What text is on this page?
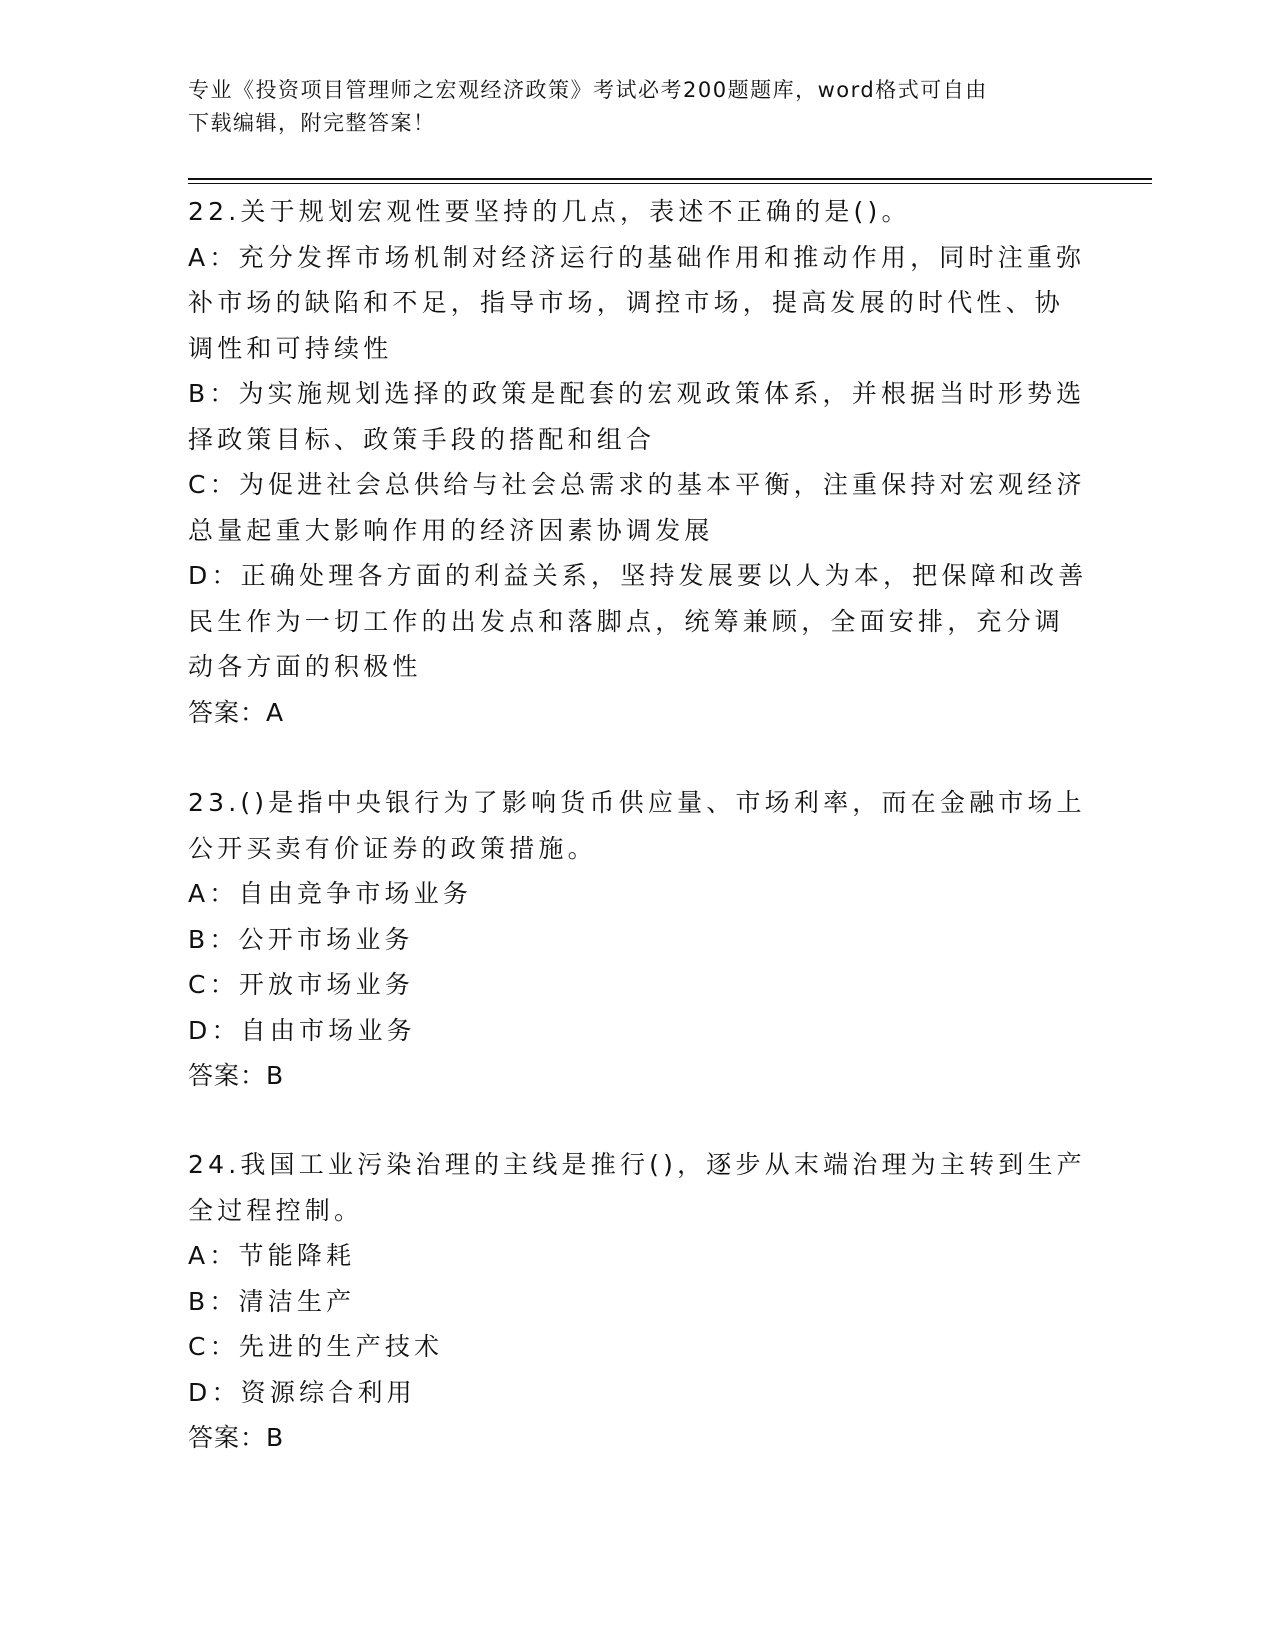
专业《投资项目管理师之宏观经济政策》考试必考200题题库，word格式可自由
下载编辑，附完整答案！
22.关于规划宏观性要坚持的几点，表述不正确的是()。
A：充分发挥市场机制对经济运行的基础作用和推动作用，同时注重弥
补市场的缺陷和不足，指导市场，调控市场，提高发展的时代性、协
调性和可持续性
B：为实施规划选择的政策是配套的宏观政策体系，并根据当时形势选
择政策目标、政策手段的搭配和组合
C：为促进社会总供给与社会总需求的基本平衡，注重保持对宏观经济
总量起重大影响作用的经济因素协调发展
D：正确处理各方面的利益关系，坚持发展要以人为本，把保障和改善
民生作为一切工作的出发点和落脚点，统筹兼顾，全面安排，充分调
动各方面的积极性
答案：A
23.()是指中央银行为了影响货币供应量、市场利率，而在金融市场上
公开买卖有价证券的政策措施。
A：自由竞争市场业务
B：公开市场业务
C：开放市场业务
D：自由市场业务
答案：B
24.我国工业污染治理的主线是推行()，逐步从末端治理为主转到生产
全过程控制。
A：节能降耗
B：清洁生产
C：先进的生产技术
D：资源综合利用
答案：B
